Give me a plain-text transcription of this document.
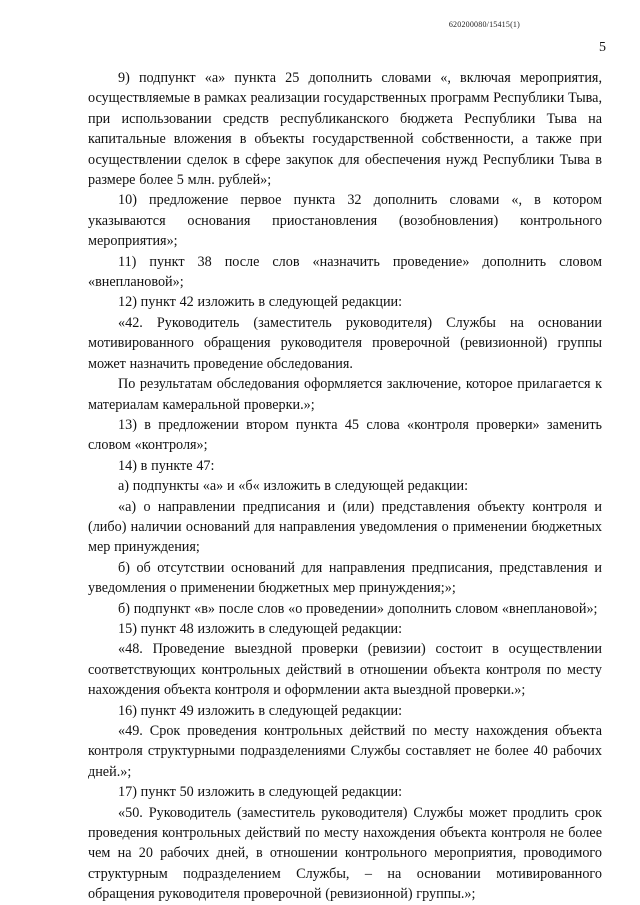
620200080/15415(1)
5

9) подпункт «а» пункта 25 дополнить словами «, включая мероприятия, осуществляемые в рамках реализации государственных программ Республики Тыва, при использовании средств республиканского бюджета Республики Тыва на капитальные вложения в объекты государственной собственности, а также при осуществлении сделок в сфере закупок для обеспечения нужд Республики Тыва в размере более 5 млн. рублей»;

10) предложение первое пункта 32 дополнить словами «, в котором указываются основания приостановления (возобновления) контрольного мероприятия»;

11) пункт 38 после слов «назначить проведение» дополнить словом «внеплановой»;

12) пункт 42 изложить в следующей редакции:

«42. Руководитель (заместитель руководителя) Службы на основании мотивированного обращения руководителя проверочной (ревизионной) группы может назначить проведение обследования.

По результатам обследования оформляется заключение, которое прилагается к материалам камеральной проверки.»;

13) в предложении втором пункта 45 слова «контроля проверки» заменить словом «контроля»;

14) в пункте 47:

а) подпункты «а» и «б« изложить в следующей редакции:

«а) о направлении предписания и (или) представления объекту контроля и (либо) наличии оснований для направления уведомления о применении бюджетных мер принуждения;

б) об отсутствии оснований для направления предписания, представления и уведомления о применении бюджетных мер принуждения;»;

б) подпункт «в» после слов «о проведении» дополнить словом «внеплановой»;

15) пункт 48 изложить в следующей редакции:

«48. Проведение выездной проверки (ревизии) состоит в осуществлении соответствующих контрольных действий в отношении объекта контроля по месту нахождения объекта контроля и оформлении акта выездной проверки.»;

16) пункт 49 изложить в следующей редакции:

«49. Срок проведения контрольных действий по месту нахождения объекта контроля структурными подразделениями Службы составляет не более 40 рабочих дней.»;

17) пункт 50 изложить в следующей редакции:

«50. Руководитель (заместитель руководителя) Службы может продлить срок проведения контрольных действий по месту нахождения объекта контроля не более чем на 20 рабочих дней, в отношении контрольного мероприятия, проводимого структурным подразделением Службы, – на основании мотивированного обращения руководителя проверочной (ревизионной) группы.»;
